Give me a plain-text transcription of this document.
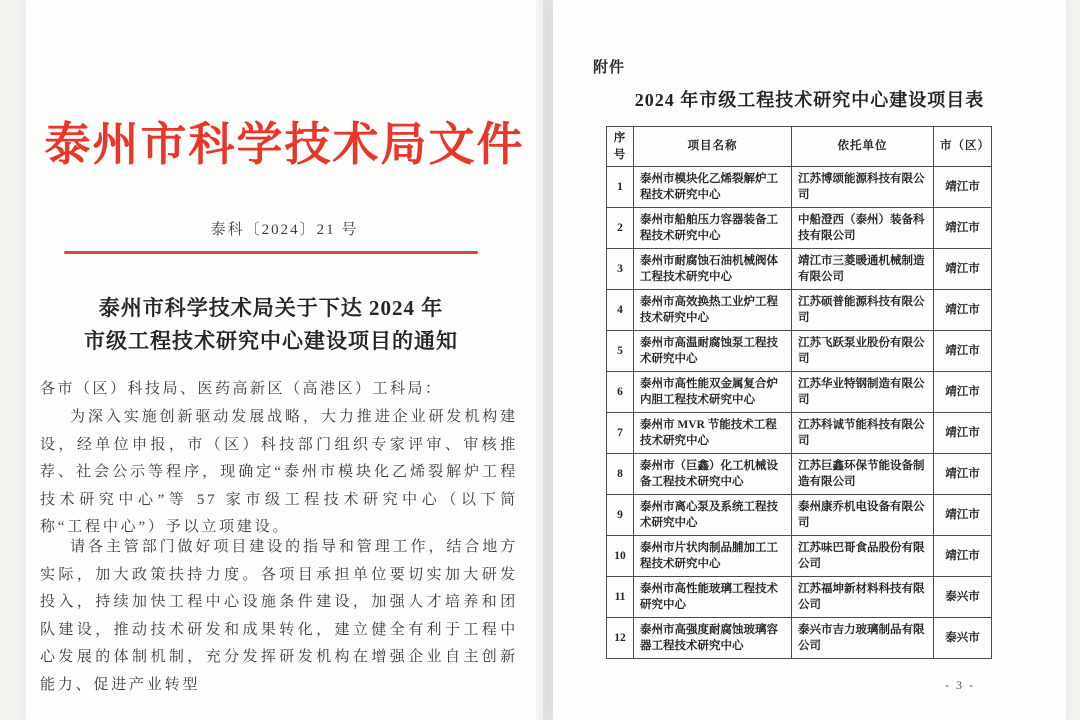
泰州市科学技术局文件
泰科〔2024〕21 号
泰州市科学技术局关于下达 2024 年
市级工程技术研究中心建设项目的通知
各市（区）科技局、医药高新区（高港区）工科局：
为深入实施创新驱动发展战略，大力推进企业研发机构建设，经单位申报，市（区）科技部门组织专家评审、审核推荐、社会公示等程序，现确定“泰州市模块化乙烯裂解炉工程技术研究中心”等 57 家市级工程技术研究中心（以下简称“工程中心”）予以立项建设。
请各主管部门做好项目建设的指导和管理工作，结合地方实际，加大政策扶持力度。各项目承担单位要切实加大研发投入，持续加快工程中心设施条件建设，加强人才培养和团队建设，推动技术研发和成果转化，建立健全有利于工程中心发展的体制机制，充分发挥研发机构在增强企业自主创新能力、促进产业转型
附件
2024 年市级工程技术研究中心建设项目表
序号	项目名称	依托单位	市（区）
1	泰州市模块化乙烯裂解炉工程技术研究中心	江苏博颂能源科技有限公司	靖江市
2	泰州市船舶压力容器装备工程技术研究中心	中船澄西（泰州）装备科技有限公司	靖江市
3	泰州市耐腐蚀石油机械阀体工程技术研究中心	靖江市三菱暖通机械制造有限公司	靖江市
4	泰州市高效换热工业炉工程技术研究中心	江苏硕普能源科技有限公司	靖江市
5	泰州市高温耐腐蚀泵工程技术研究中心	江苏飞跃泵业股份有限公司	靖江市
6	泰州市高性能双金属复合炉内胆工程技术研究中心	江苏华业特钢制造有限公司	靖江市
7	泰州市 MVR 节能技术工程技术研究中心	江苏科诚节能科技有限公司	靖江市
8	泰州市（巨鑫）化工机械设备工程技术研究中心	江苏巨鑫环保节能设备制造有限公司	靖江市
9	泰州市离心泵及系统工程技术研究中心	泰州康乔机电设备有限公司	靖江市
10	泰州市片状肉制品脯加工工程技术研究中心	江苏味巴哥食品股份有限公司	靖江市
11	泰州市高性能玻璃工程技术研究中心	江苏福坤新材料科技有限公司	泰兴市
12	泰州市高强度耐腐蚀玻璃容器工程技术研究中心	泰兴市吉力玻璃制品有限公司	泰兴市
- 3 -
